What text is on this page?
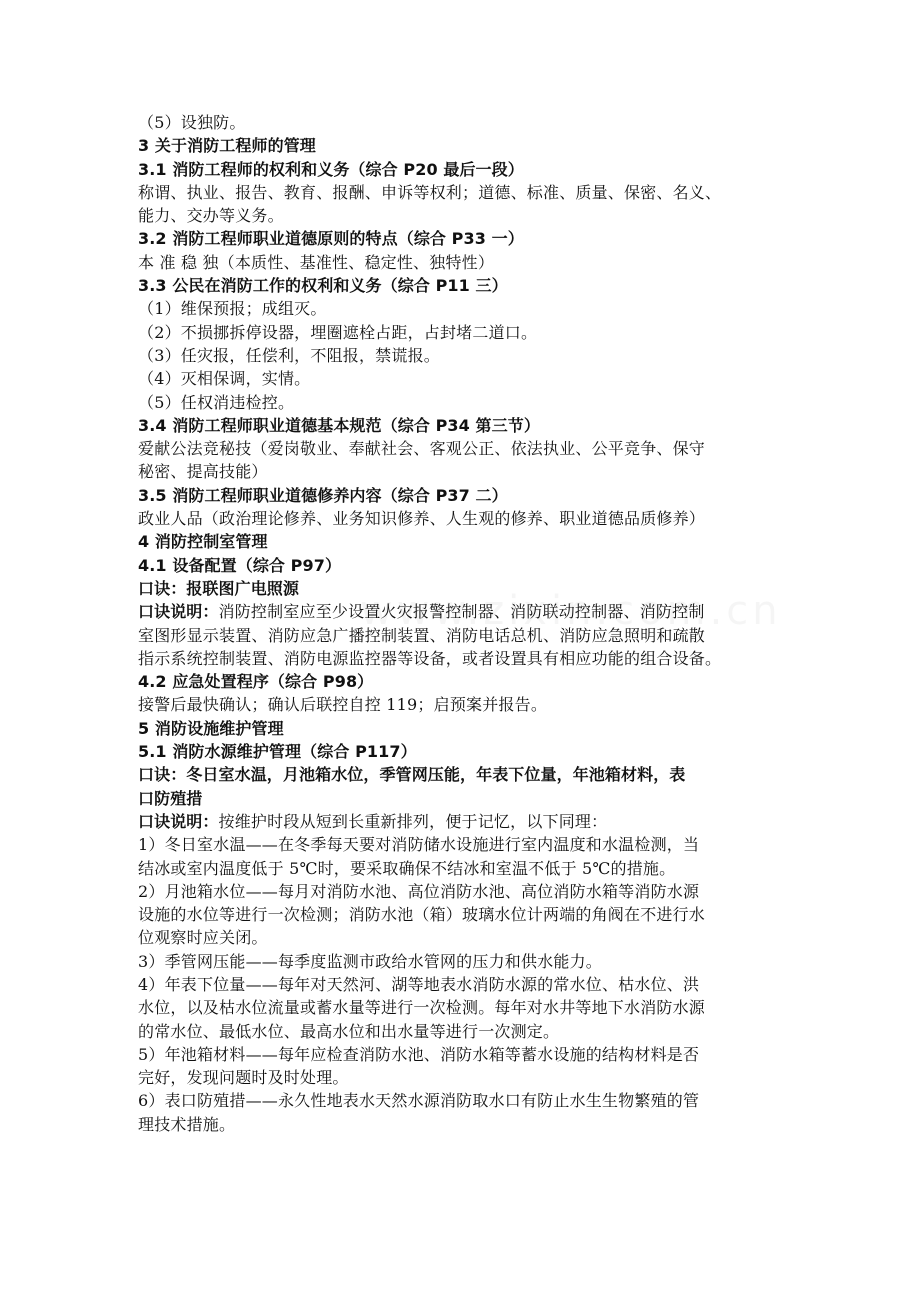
（5）设独防。
3 关于消防工程师的管理
3.1 消防工程师的权利和义务（综合 P20 最后一段）
称谓、执业、报告、教育、报酬、申诉等权利；道德、标准、质量、保密、名义、
能力、交办等义务。
3.2 消防工程师职业道德原则的特点（综合 P33 一）
本 准 稳 独（本质性、基准性、稳定性、独特性）
3.3 公民在消防工作的权利和义务（综合 P11 三）
（1）维保预报；成组灭。
（2）不损挪拆停设器，埋圈遮栓占距，占封堵二道口。
（3）任灾报，任偿利，不阻报，禁谎报。
（4）灭相保调，实情。
（5）任权消违检控。
3.4 消防工程师职业道德基本规范（综合 P34 第三节）
爱献公法竞秘技（爱岗敬业、奉献社会、客观公正、依法执业、公平竞争、保守
秘密、提高技能）
3.5 消防工程师职业道德修养内容（综合 P37 二）
政业人品（政治理论修养、业务知识修养、人生观的修养、职业道德品质修养）
4 消防控制室管理
4.1 设备配置（综合 P97）
口诀：报联图广电照源
口诀说明：消防控制室应至少设置火灾报警控制器、消防联动控制器、消防控制
室图形显示装置、消防应急广播控制装置、消防电话总机、消防应急照明和疏散
指示系统控制装置、消防电源监控器等设备，或者设置具有相应功能的组合设备。
4.2 应急处置程序（综合 P98）
接警后最快确认；确认后联控自控 119；启预案并报告。
5 消防设施维护管理
5.1 消防水源维护管理（综合 P117）
口诀：冬日室水温，月池箱水位，季管网压能，年表下位量，年池箱材料，表
口防殖措
口诀说明：按维护时段从短到长重新排列，便于记忆，以下同理：
1）冬日室水温——在冬季每天要对消防储水设施进行室内温度和水温检测，当
结冰或室内温度低于 5℃时，要采取确保不结冰和室温不低于 5℃的措施。
2）月池箱水位——每月对消防水池、高位消防水池、高位消防水箱等消防水源
设施的水位等进行一次检测；消防水池（箱）玻璃水位计两端的角阀在不进行水
位观察时应关闭。
3）季管网压能——每季度监测市政给水管网的压力和供水能力。
4）年表下位量——每年对天然河、湖等地表水消防水源的常水位、枯水位、洪
水位，以及枯水位流量或蓄水量等进行一次检测。每年对水井等地下水消防水源
的常水位、最低水位、最高水位和出水量等进行一次测定。
5）年池箱材料——每年应检查消防水池、消防水箱等蓄水设施的结构材料是否
完好，发现问题时及时处理。
6）表口防殖措——永久性地表水天然水源消防取水口有防止水生生物繁殖的管
理技术措施。
